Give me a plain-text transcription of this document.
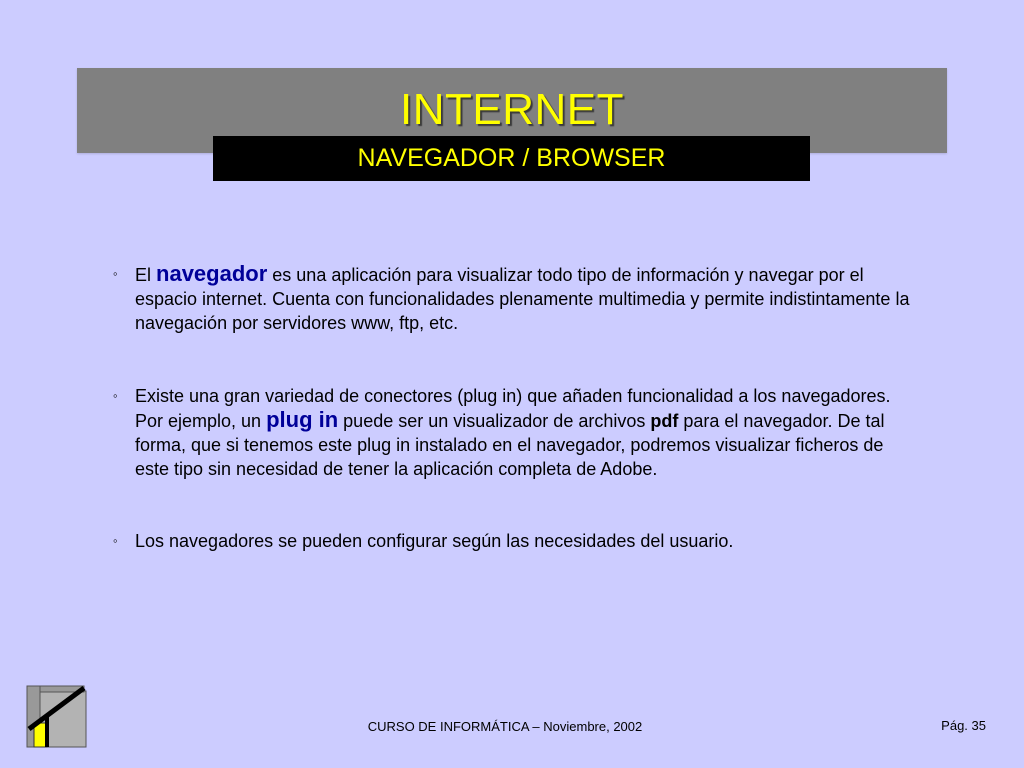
INTERNET
NAVEGADOR / BROWSER
◦ El navegador es una aplicación para visualizar todo tipo de información y navegar por el espacio internet. Cuenta con funcionalidades plenamente multimedia y permite indistintamente la navegación por servidores www, ftp, etc.
◦ Existe una gran variedad de conectores (plug in) que añaden funcionalidad a los navegadores. Por ejemplo, un plug in puede ser un visualizador de archivos pdf para el navegador. De tal forma, que si tenemos este plug in instalado en el navegador, podremos visualizar ficheros de este tipo sin necesidad de tener la aplicación completa de Adobe.
◦ Los navegadores se pueden configurar según las necesidades del usuario.
CURSO DE INFORMÁTICA – Noviembre, 2002	Pág. 35
